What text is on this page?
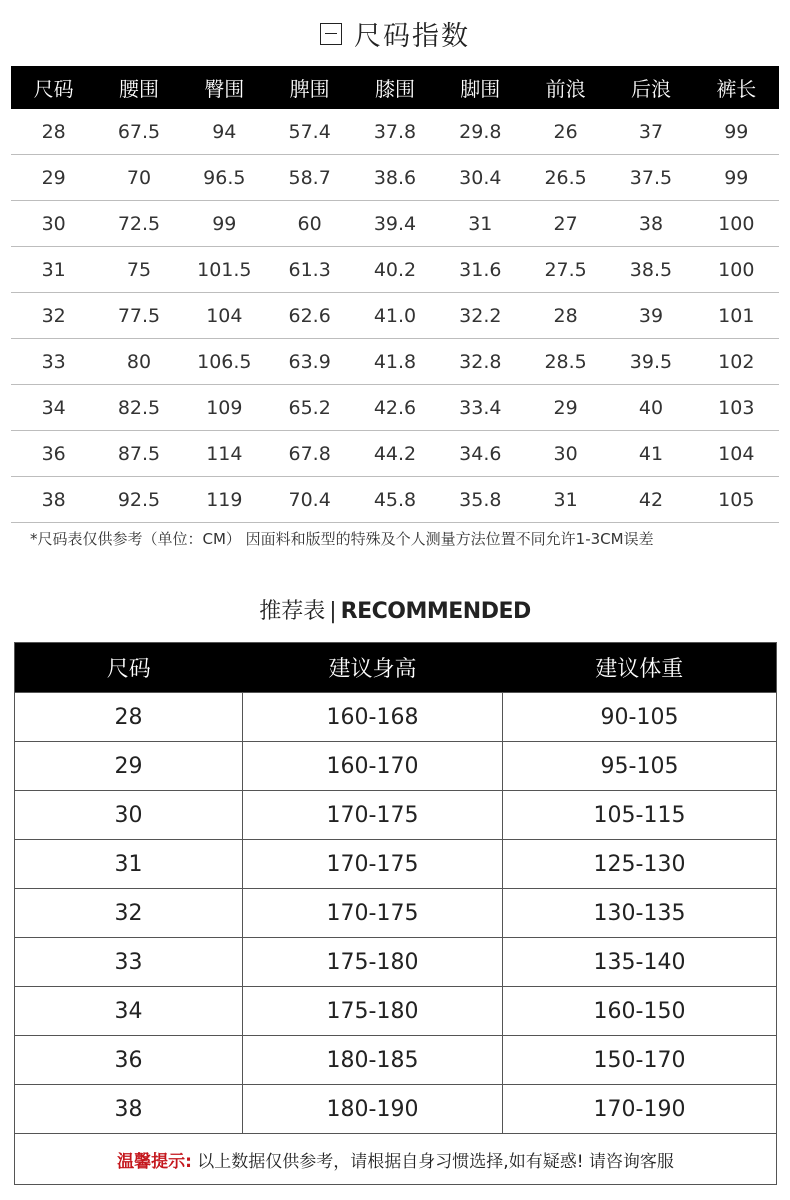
尺码指数
尺码	腰围	臀围	脾围	膝围	脚围	前浪	后浪	裤长
28	67.5	94	57.4	37.8	29.8	26	37	99
29	70	96.5	58.7	38.6	30.4	26.5	37.5	99
30	72.5	99	60	39.4	31	27	38	100
31	75	101.5	61.3	40.2	31.6	27.5	38.5	100
32	77.5	104	62.6	41.0	32.2	28	39	101
33	80	106.5	63.9	41.8	32.8	28.5	39.5	102
34	82.5	109	65.2	42.6	33.4	29	40	103
36	87.5	114	67.8	44.2	34.6	30	41	104
38	92.5	119	70.4	45.8	35.8	31	42	105
*尺码表仅供参考（单位：CM） 因面料和版型的特殊及个人测量方法位置不同允许1-3CM误差
推荐表 | RECOMMENDED
尺码	建议身高	建议体重
28	160-168	90-105
29	160-170	95-105
30	170-175	105-115
31	170-175	125-130
32	170-175	130-135
33	175-180	135-140
34	175-180	160-150
36	180-185	150-170
38	180-190	170-190
温馨提示: 以上数据仅供参考，请根据自身习惯选择,如有疑惑! 请咨询客服		
